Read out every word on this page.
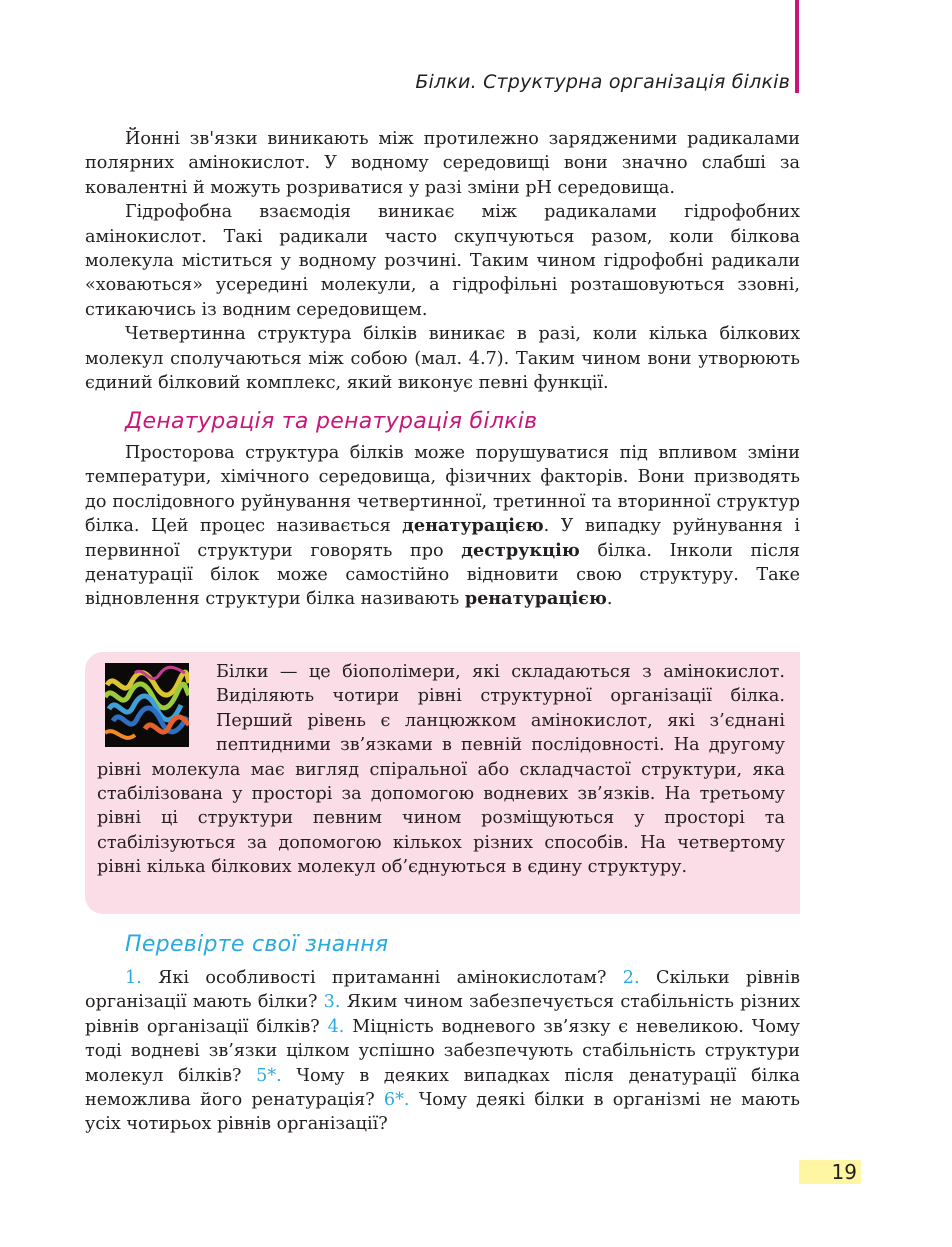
Білки. Структурна організація білків

Йонні зв'язки виникають між протилежно зарядженими радикалами полярних амінокислот. У водному середовищі вони значно слабші за ковалентні й можуть розриватися у разі зміни pH середовища.

Гідрофобна взаємодія виникає між радикалами гідрофобних амінокислот. Такі радикали часто скупчуються разом, коли білкова молекула міститься у водному розчині. Таким чином гідрофобні радикали «ховаються» усередині молекули, а гідрофільні розташовуються ззовні, стикаючись із водним середовищем.

Четвертинна структура білків виникає в разі, коли кілька білкових молекул сполучаються між собою (мал. 4.7). Таким чином вони утворюють єдиний білковий комплекс, який виконує певні функції.

Денатурація та ренатурація білків

Просторова структура білків може порушуватися під впливом зміни температури, хімічного середовища, фізичних факторів. Вони призводять до послідовного руйнування четвертинної, третинної та вторинної структур білка. Цей процес називається денатурацією. У випадку руйнування і первинної структури говорять про деструкцію білка. Інколи після денатурації білок може самостійно відновити свою структуру. Таке відновлення структури білка називають ренатурацією.

Білки — це біополімери, які складаються з амінокислот. Виділяють чотири рівні структурної організації білка. Перший рівень є ланцюжком амінокислот, які з’єднані пептидними зв’язками в певній послідовності. На другому рівні молекула має вигляд спіральної або складчастої структури, яка стабілізована у просторі за допомогою водневих зв’язків. На третьому рівні ці структури певним чином розміщуються у просторі та стабілізуються за допомогою кількох різних способів. На четвертому рівні кілька білкових молекул об’єднуються в єдину структуру.
Перевірте свої знання

1. Які особливості притаманні амінокислотам? 2. Скільки рівнів організації мають білки? 3. Яким чином забезпечується стабільність різних рівнів організації білків? 4. Міцність водневого зв’язку є невеликою. Чому тоді водневі зв’язки цілком успішно забезпечують стабільність структури молекул білків? 5*. Чому в деяких випадках після денатурації білка неможлива його ренатурація? 6*. Чому деякі білки в організмі не мають усіх чотирьох рівнів організації?

19
